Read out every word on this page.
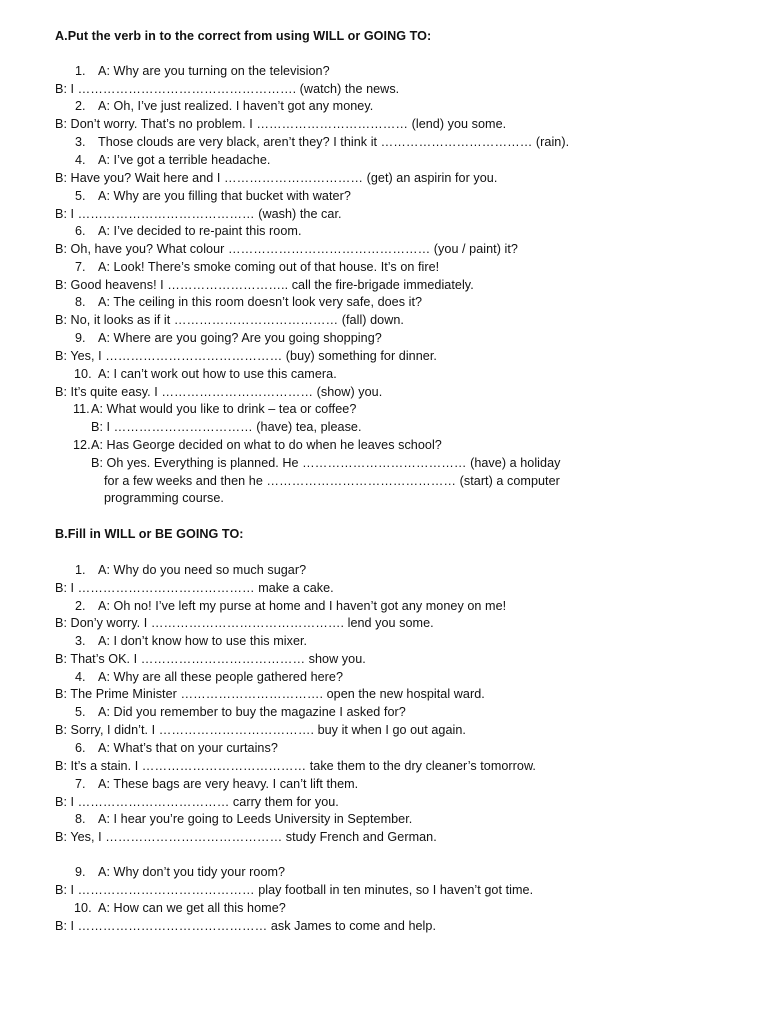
A.Put the verb in to the correct from using WILL or GOING TO:
1. A: Why are you turning on the television?
B: I ……………………………………………. (watch) the news.
2. A: Oh, I’ve just realized. I haven’t got any money.
B: Don’t worry. That’s no problem. I ……………………………… (lend) you some.
3. Those clouds are very black, aren’t they? I think it ……………………………… (rain).
4. A: I’ve got a terrible headache.
B: Have you? Wait here and I …………………………… (get) an aspirin for you.
5. A: Why are you filling that bucket with water?
B: I …………………………………… (wash) the car.
6. A: I’ve decided to re-paint this room.
B: Oh, have you? What colour ………………………………………… (you / paint) it?
7. A: Look! There’s smoke coming out of that house. It’s on fire!
B: Good heavens! I ……………………….. call the fire-brigade immediately.
8. A: The ceiling in this room doesn’t look very safe, does it?
B: No, it looks as if it ………………………………… (fall) down.
9. A: Where are you going? Are you going shopping?
B: Yes, I …………………………………… (buy) something for dinner.
10. A: I can’t work out how to use this camera.
B: It’s quite easy. I ……………………………… (show) you.
11. A: What would you like to drink – tea or coffee?
B: I …………………………… (have) tea, please.
12. A: Has George decided on what to do when he leaves school?
B: Oh yes. Everything is planned. He ………………………………… (have) a holiday
for a few weeks and then he ……………………………………… (start) a computer
programming course.
B.Fill in WILL or BE GOING TO:
1. A: Why do you need so much sugar?
B: I …………………………………… make a cake.
2. A: Oh no! I’ve left my purse at home and I haven’t got any money on me!
B: Don’y worry. I ………………………………………. lend you some.
3. A: I don’t know how to use this mixer.
B: That’s OK. I ………………………………… show you.
4. A: Why are all these people gathered here?
B: The Prime Minister ……………………………. open the new hospital ward.
5. A: Did you remember to buy the magazine I asked for?
B: Sorry, I didn’t. I ………………………………. buy it when I go out again.
6. A: What’s that on your curtains?
B: It’s a stain. I ………………………………… take them to the dry cleaner’s tomorrow.
7. A: These bags are very heavy. I can’t lift them.
B: I ……………………………… carry them for you.
8. A: I hear you’re going to Leeds University in September.
B: Yes, I …………………………………… study French and German.
9. A: Why don’t you tidy your room?
B: I …………………………………… play football in ten minutes, so I haven’t got time.
10. A: How can we get all this home?
B: I ……………………………………… ask James to come and help.
